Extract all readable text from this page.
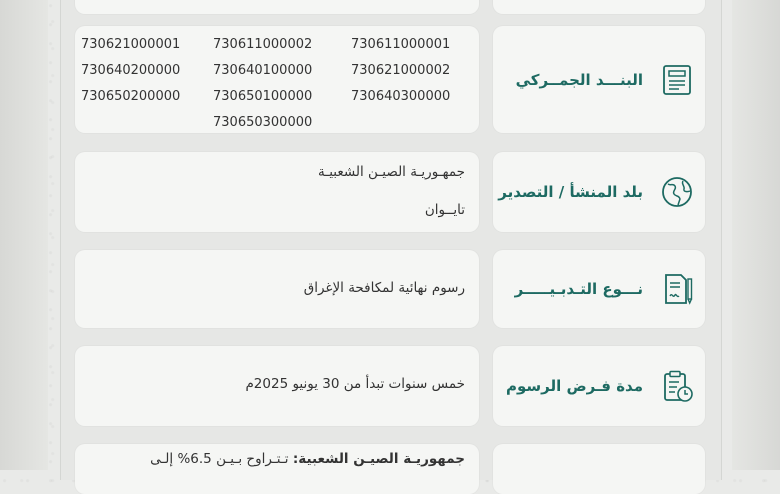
البنـــد الجمــركي
730621000001
730640200000
730650200000
730611000002
730640100000
730650100000
730650300000
730611000001
730621000002
730640300000
بلد المنشأ / التصدير
جمهـوريـة الصيـن الشعبيـة
تايــوان
نـــوع التـدبـيـــــر
رسوم نهائية لمكافحة الإغراق
مدة فـرض الرسوم
خمس سنوات تبدأ من 30 يونيو 2025م
جمهوريـة الصيـن الشعبية: تـتـراوح بـيـن 6.5% إلـى
